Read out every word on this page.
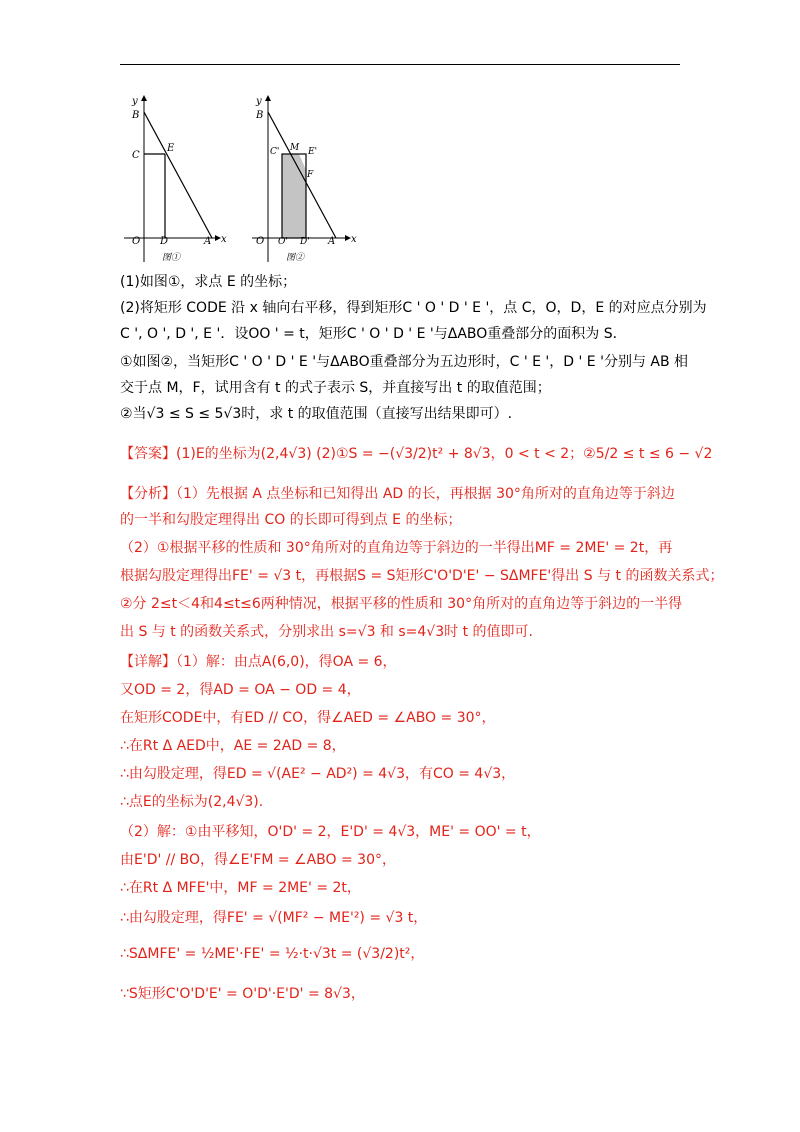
y
x
B
C
E
O D	A
图①
y
x
B
C' M E'
F
O O' D' A
图②
(1)如图①，求点 E 的坐标；
(2)将矩形 CODE 沿 x 轴向右平移，得到矩形C ' O ' D ' E '，点 C，O，D，E 的对应点分别为
C ', O ', D ', E '．设OO ' = t，矩形C ' O ' D ' E '与ΔABO重叠部分的面积为 S．
①如图②，当矩形C ' O ' D ' E '与ΔABO重叠部分为五边形时，C ' E '，D ' E '分别与 AB 相
交于点 M，F，试用含有 t 的式子表示 S，并直接写出 t 的取值范围；
②当√3 ≤ S ≤ 5√3时，求 t 的取值范围（直接写出结果即可）.
【答案】(1)E的坐标为(2,4√3) (2)①S = −(√3/2)t² + 8√3，0 < t < 2；②5/2 ≤ t ≤ 6 − √2
【分析】（1）先根据 A 点坐标和已知得出 AD 的长，再根据 30°角所对的直角边等于斜边
的一半和勾股定理得出 CO 的长即可得到点 E 的坐标；
（2）①根据平移的性质和 30°角所对的直角边等于斜边的一半得出MF = 2ME' = 2t，再
根据勾股定理得出FE' = √3 t，再根据S = S矩形C'O'D'E' − SΔMFE'得出 S 与 t 的函数关系式；
②分 2≤t＜4和4≤t≤6两种情况，根据平移的性质和 30°角所对的直角边等于斜边的一半得
出 S 与 t 的函数关系式，分别求出 s=√3 和 s=4√3时 t 的值即可.
【详解】（1）解：由点A(6,0)，得OA = 6，
又OD = 2，得AD = OA − OD = 4，
在矩形CODE中，有ED // CO，得∠AED = ∠ABO = 30°，
∴在Rt Δ AED中，AE = 2AD = 8，
∴由勾股定理，得ED = √(AE² − AD²) = 4√3，有CO = 4√3，
∴点E的坐标为(2,4√3).
（2）解：①由平移知，O'D' = 2，E'D' = 4√3，ME' = OO' = t，
由E'D' // BO，得∠E'FM = ∠ABO = 30°，
∴在Rt Δ MFE'中，MF = 2ME' = 2t，
∴由勾股定理，得FE' = √(MF² − ME'²) = √3 t，
∴SΔMFE' = ½ME'·FE' = ½·t·√3t = (√3/2)t²，
∵S矩形C'O'D'E' = O'D'·E'D' = 8√3，
